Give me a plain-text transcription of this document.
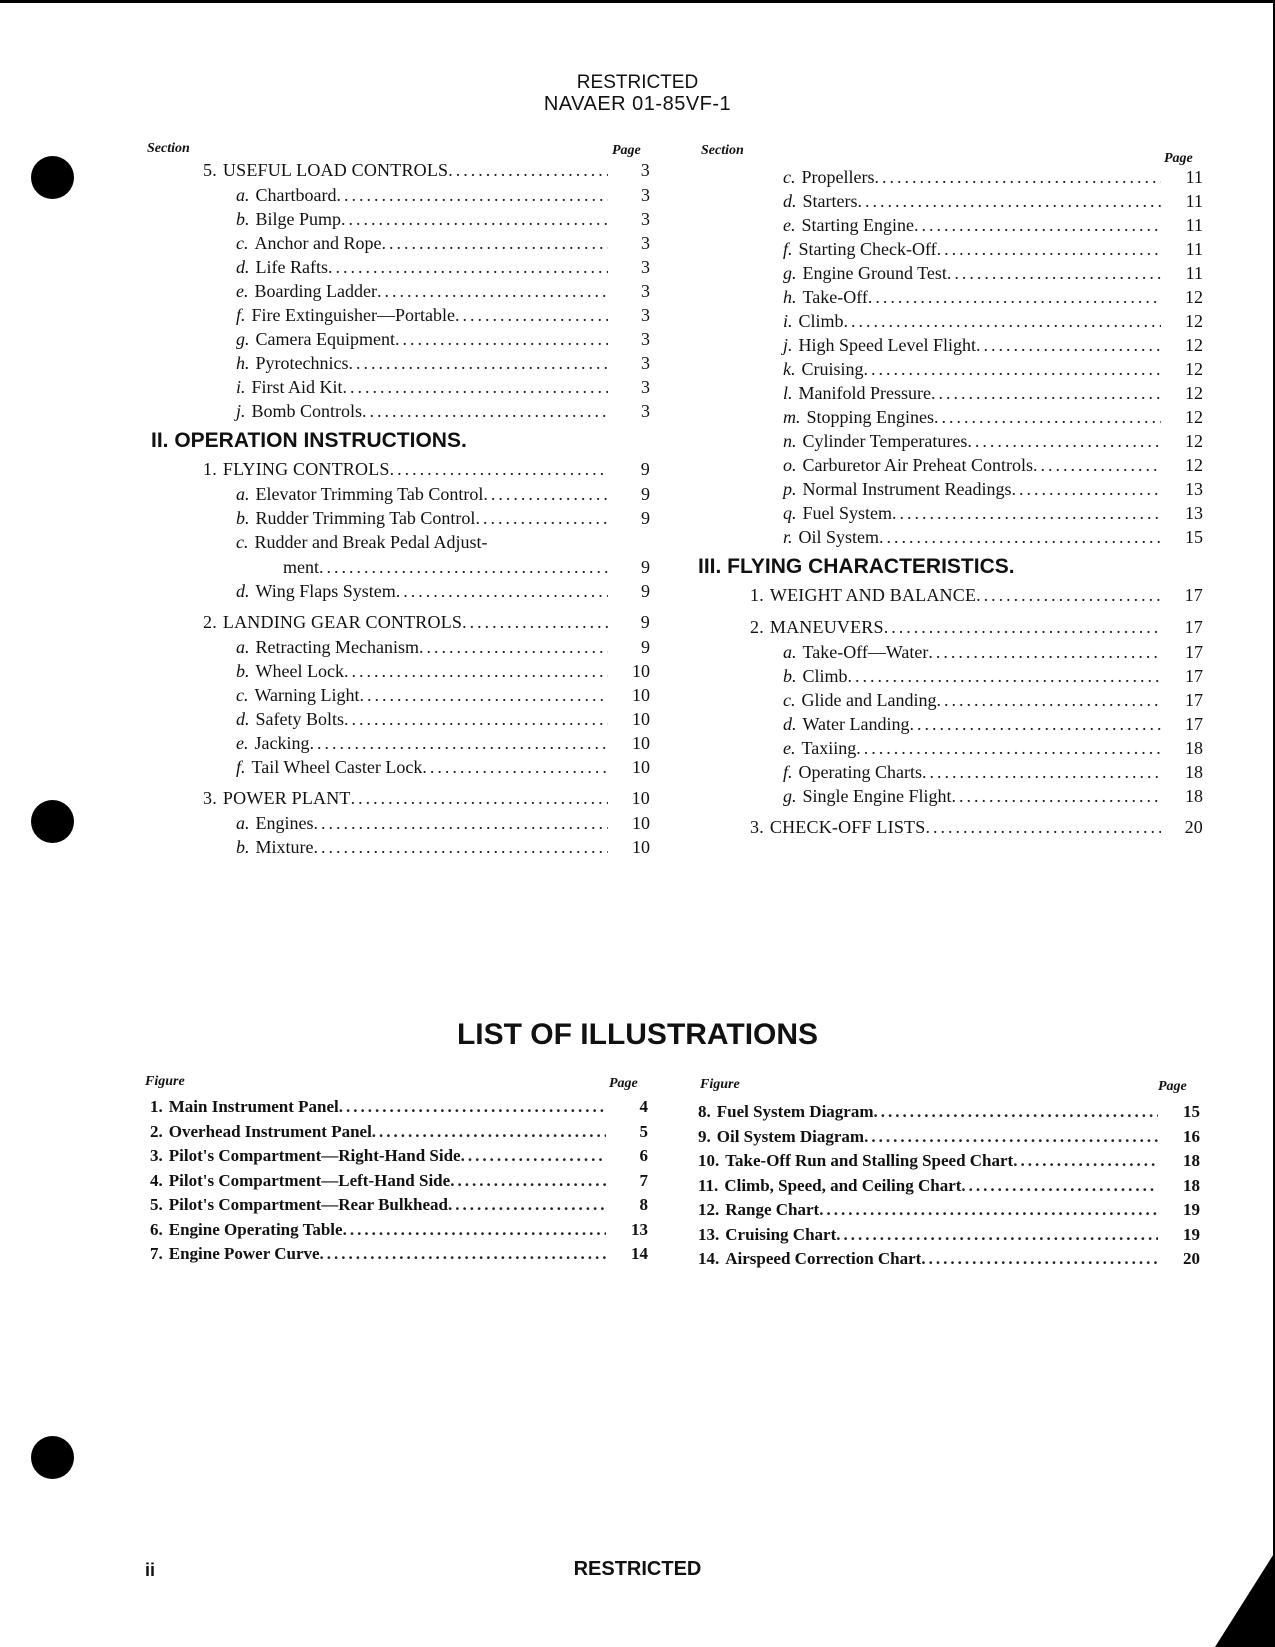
RESTRICTED
NAVAER 01-85VF-1
Section	Page	Section
Page
5. USEFUL LOAD CONTROLS .....	3
a. Chartboard .....	3
b. Bilge Pump .....	3
c. Anchor and Rope .....	3
d. Life Rafts .....	3
e. Boarding Ladder .....	3
f. Fire Extinguisher—Portable .....	3
g. Camera Equipment .....	3
h. Pyrotechnics .....	3
i. First Aid Kit .....	3
j. Bomb Controls .....	3
II. OPERATION INSTRUCTIONS.
1. FLYING CONTROLS .....	9
a. Elevator Trimming Tab Control .....	9
b. Rudder Trimming Tab Control .....	9
c. Rudder and Break Pedal Adjust-
ment .....	9
d. Wing Flaps System .....	9
2. LANDING GEAR CONTROLS .....	9
a. Retracting Mechanism .....	9
b. Wheel Lock .....	10
c. Warning Light .....	10
d. Safety Bolts .....	10
e. Jacking .....	10
f. Tail Wheel Caster Lock .....	10
3. POWER PLANT .....	10
a. Engines .....	10
b. Mixture .....	10
c. Propellers .....	11
d. Starters .....	11
e. Starting Engine .....	11
f. Starting Check-Off .....	11
g. Engine Ground Test .....	11
h. Take-Off .....	12
i. Climb .....	12
j. High Speed Level Flight .....	12
k. Cruising .....	12
l. Manifold Pressure .....	12
m. Stopping Engines .....	12
n. Cylinder Temperatures .....	12
o. Carburetor Air Preheat Controls .....	12
p. Normal Instrument Readings .....	13
q. Fuel System .....	13
r. Oil System .....	15
III. FLYING CHARACTERISTICS.
1. WEIGHT AND BALANCE .....	17
2. MANEUVERS .....	17
a. Take-Off—Water .....	17
b. Climb .....	17
c. Glide and Landing .....	17
d. Water Landing .....	17
e. Taxiing .....	18
f. Operating Charts .....	18
g. Single Engine Flight .....	18
3. CHECK-OFF LISTS .....	20
LIST OF ILLUSTRATIONS
Figure	Page	Figure	Page
1. Main Instrument Panel .....	4
2. Overhead Instrument Panel .....	5
3. Pilot's Compartment—Right-Hand Side .....	6
4. Pilot's Compartment—Left-Hand Side .....	7
5. Pilot's Compartment—Rear Bulkhead .....	8
6. Engine Operating Table .....	13
7. Engine Power Curve .....	14
8. Fuel System Diagram .....	15
9. Oil System Diagram .....	16
10. Take-Off Run and Stalling Speed Chart .....	18
11. Climb, Speed, and Ceiling Chart .....	18
12. Range Chart .....	19
13. Cruising Chart .....	19
14. Airspeed Correction Chart .....	20
ii	RESTRICTED
